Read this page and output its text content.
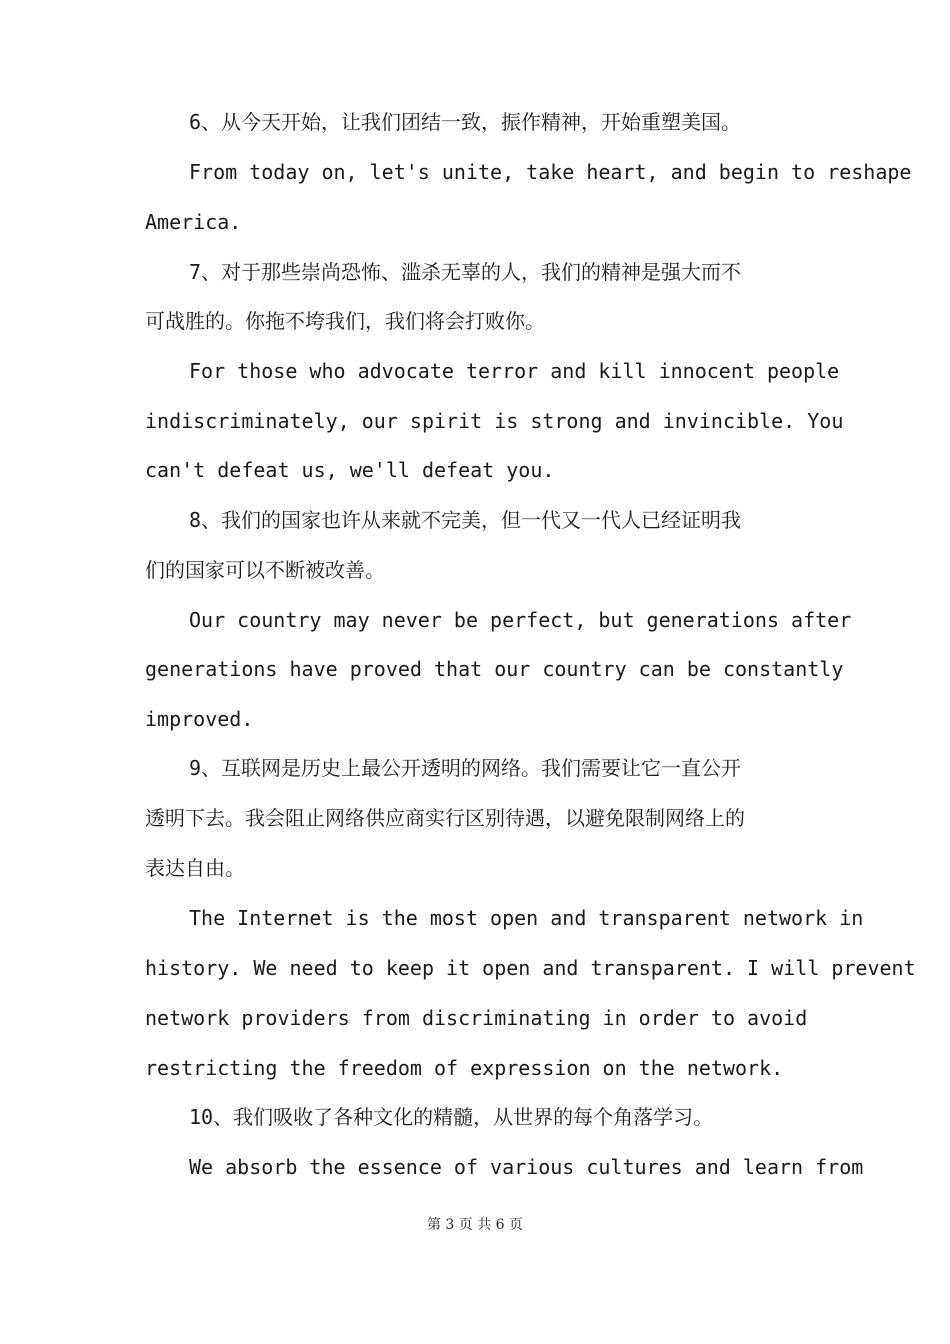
6、从今天开始，让我们团结一致，振作精神，开始重塑美国。
From today on, let's unite, take heart, and begin to reshape
America.
7、对于那些崇尚恐怖、滥杀无辜的人，我们的精神是强大而不
可战胜的。你拖不垮我们，我们将会打败你。
For those who advocate terror and kill innocent people
indiscriminately, our spirit is strong and invincible. You
can't defeat us, we'll defeat you.
8、我们的国家也许从来就不完美，但一代又一代人已经证明我
们的国家可以不断被改善。
Our country may never be perfect, but generations after
generations have proved that our country can be constantly
improved.
9、互联网是历史上最公开透明的网络。我们需要让它一直公开
透明下去。我会阻止网络供应商实行区别待遇，以避免限制网络上的
表达自由。
The Internet is the most open and transparent network in
history. We need to keep it open and transparent. I will prevent
network providers from discriminating in order to avoid
restricting the freedom of expression on the network.
10、我们吸收了各种文化的精髓，从世界的每个角落学习。
We absorb the essence of various cultures and learn from
第 3 页 共 6 页
